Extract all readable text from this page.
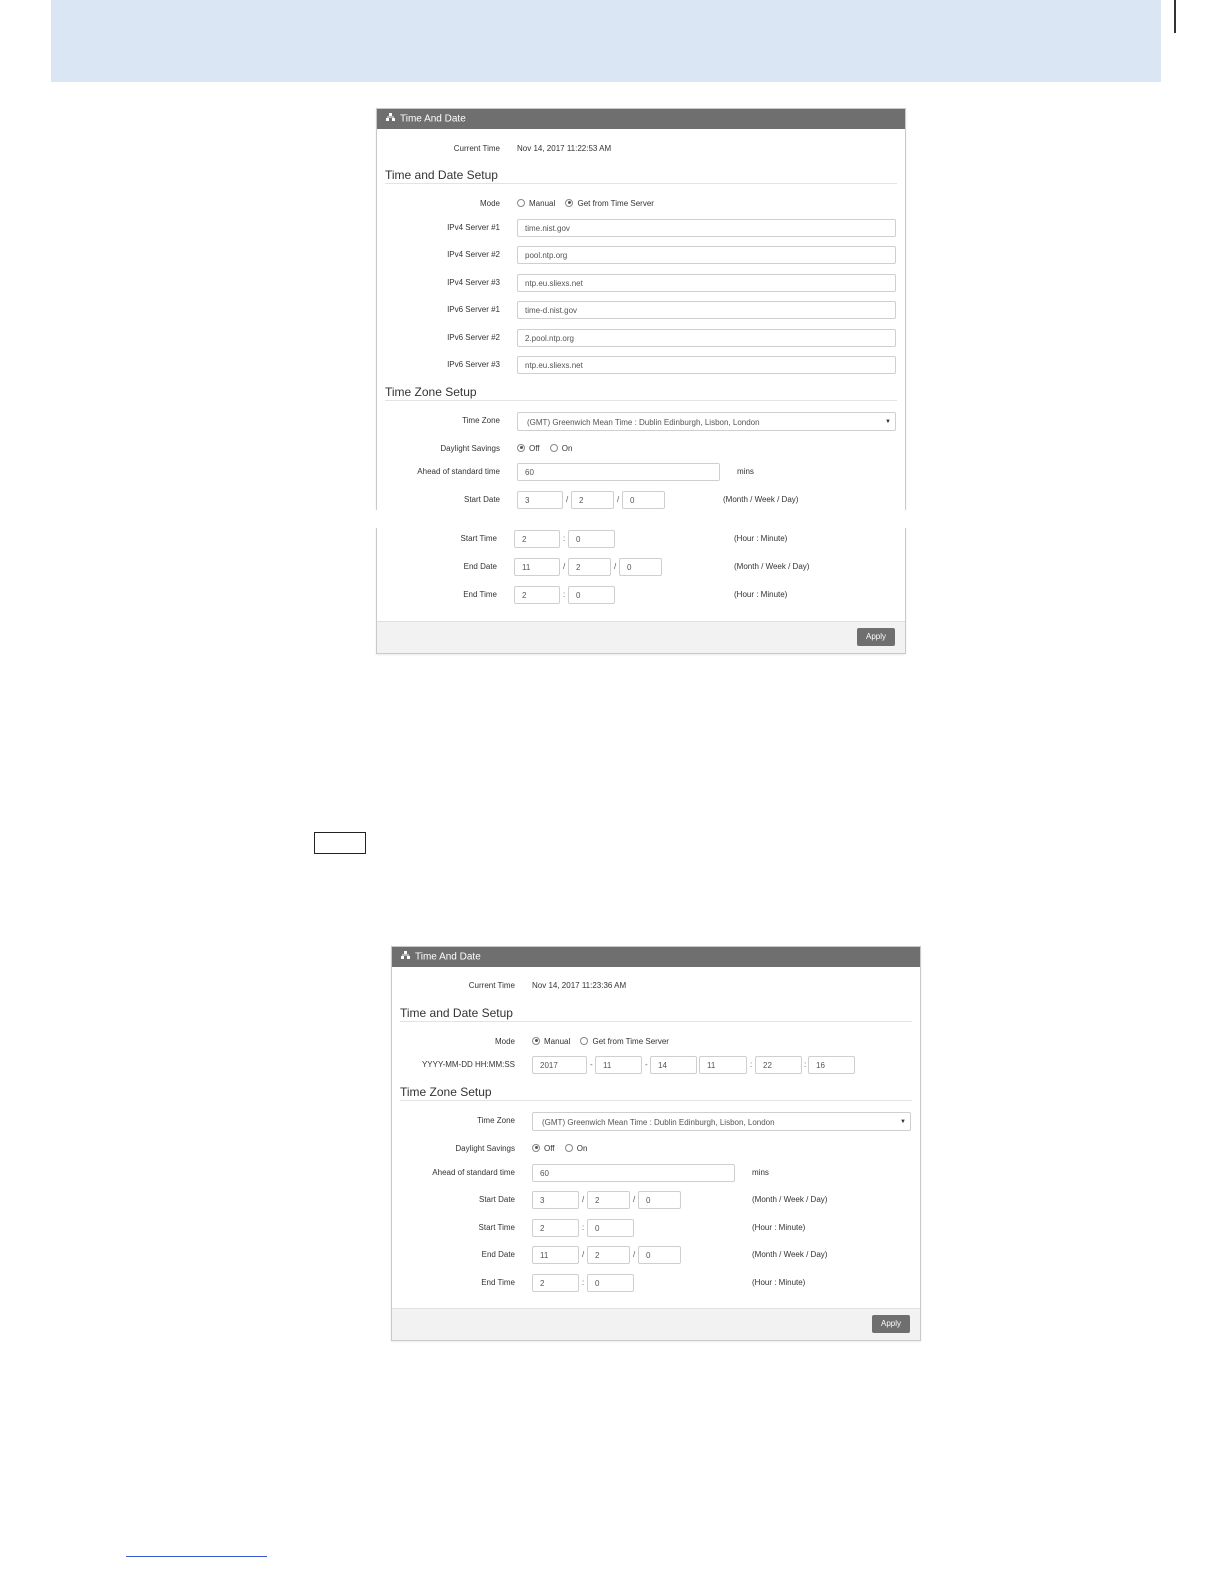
Time And Date
Current Time Nov 14, 2017 11:22:53 AM
Time and Date Setup
Mode	Manual	Get from Time Server
IPv4 Server #1	time.nist.gov
IPv4 Server #2	pool.ntp.org
IPv4 Server #3	ntp.eu.sliexs.net
IPv6 Server #1	time-d.nist.gov
IPv6 Server #2	2.pool.ntp.org
IPv6 Server #3	ntp.eu.sliexs.net
Time Zone Setup
Time Zone	(GMT) Greenwich Mean Time : Dublin Edinburgh, Lisbon, London	▼
Daylight Savings	Off	On
Ahead of standard time	60	mins
Start Date	3	/	2	/	0	(Month / Week / Day)
Start Time	2	:	0	(Hour : Minute)
End Date	11	/	2	/	0	(Month / Week / Day)
End Time	2	:	0	(Hour : Minute)
Apply
Time And Date
Current Time Nov 14, 2017 11:23:36 AM
Time and Date Setup
Mode	Manual	Get from Time Server
YYYY-MM-DD HH:MM:SS	2017	-	11	-	14	11	:	22	:	16
Time Zone Setup
Time Zone	(GMT) Greenwich Mean Time : Dublin Edinburgh, Lisbon, London	▼
Daylight Savings	Off	On
Ahead of standard time	60	mins
Start Date	3	/	2	/	0	(Month / Week / Day)
Start Time	2	:	0	(Hour : Minute)
End Date	11	/	2	/	0	(Month / Week / Day)
End Time	2	:	0	(Hour : Minute)
Apply
